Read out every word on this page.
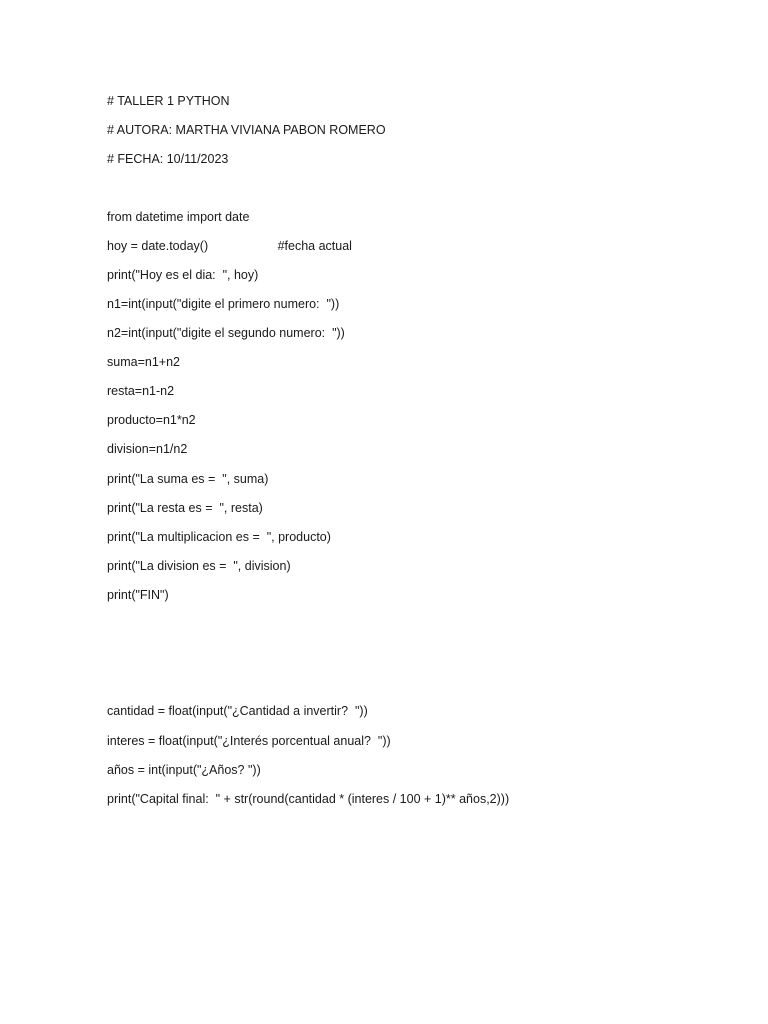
# TALLER 1 PYTHON
# AUTORA: MARTHA VIVIANA PABON ROMERO
# FECHA: 10/11/2023
from datetime import date
hoy = date.today()                    #fecha actual
print("Hoy es el dia:  ", hoy)
n1=int(input("digite el primero numero:  "))
n2=int(input("digite el segundo numero:  "))
suma=n1+n2
resta=n1-n2
producto=n1*n2
division=n1/n2
print("La suma es =  ", suma)
print("La resta es =  ", resta)
print("La multiplicacion es =  ", producto)
print("La division es =  ", division)
print("FIN")
cantidad = float(input("¿Cantidad a invertir?  "))
interes = float(input("¿Interés porcentual anual?  "))
años = int(input("¿Años? "))
print("Capital final:  " + str(round(cantidad * (interes / 100 + 1)** años,2)))
